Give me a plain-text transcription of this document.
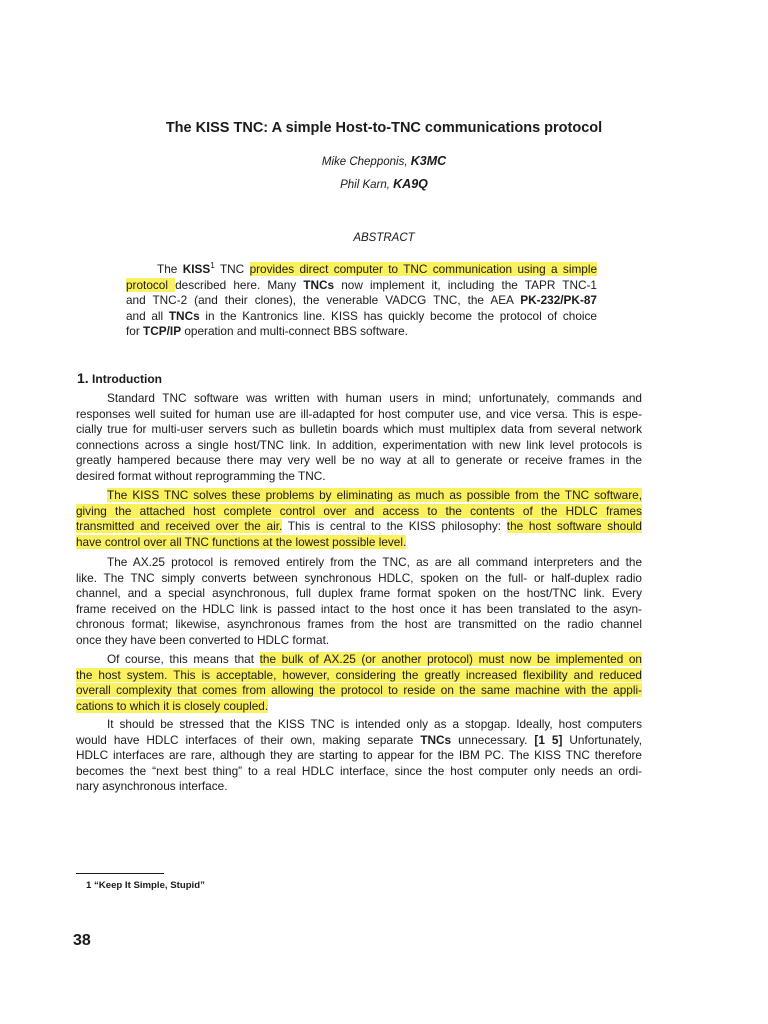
The KISS TNC: A simple Host-to-TNC communications protocol
Mike Chepponis, K3MC
Phil Karn, KA9Q
ABSTRACT
The KISS$^1$ TNC provides direct computer to TNC communication using a simple
protocol described here. Many TNCs now implement it, including the TAPR TNC-1
and TNC-2 (and their clones), the venerable VADCG TNC, the AEA PK-232/PK-87
and all TNCs in the Kantronics line. KISS has quickly become the protocol of choice
for TCP/IP operation and multi-connect BBS software.
1. Introduction
Standard TNC software was written with human users in mind; unfortunately, commands and
responses well suited for human use are ill-adapted for host computer use, and vice versa. This is espe-
cially true for multi-user servers such as bulletin boards which must multiplex data from several network
connections across a single host/TNC link. In addition, experimentation with new link level protocols is
greatly hampered because there may very well be no way at all to generate or receive frames in the
desired format without reprogramming the TNC.
The KISS TNC solves these problems by eliminating as much as possible from the TNC software,
giving the attached host complete control over and access to the contents of the HDLC frames
transmitted and received over the air. This is central to the KISS philosophy: the host software should
have control over all TNC functions at the lowest possible level.
The AX.25 protocol is removed entirely from the TNC, as are all command interpreters and the
like. The TNC simply converts between synchronous HDLC, spoken on the full- or half-duplex radio
channel, and a special asynchronous, full duplex frame format spoken on the host/TNC link. Every
frame received on the HDLC link is passed intact to the host once it has been translated to the asyn-
chronous format; likewise, asynchronous frames from the host are transmitted on the radio channel
once they have been converted to HDLC format.
Of course, this means that the bulk of AX.25 (or another protocol) must now be implemented on
the host system. This is acceptable, however, considering the greatly increased flexibility and reduced
overall complexity that comes from allowing the protocol to reside on the same machine with the appli-
cations to which it is closely coupled.
It should be stressed that the KISS TNC is intended only as a stopgap. Ideally, host computers
would have HDLC interfaces of their own, making separate TNCs unnecessary. [1 5] Unfortunately,
HDLC interfaces are rare, although they are starting to appear for the IBM PC. The KISS TNC therefore
becomes the “next best thing” to a real HDLC interface, since the host computer only needs an ordi-
nary asynchronous interface.
1 “Keep It Simple, Stupid”
38
